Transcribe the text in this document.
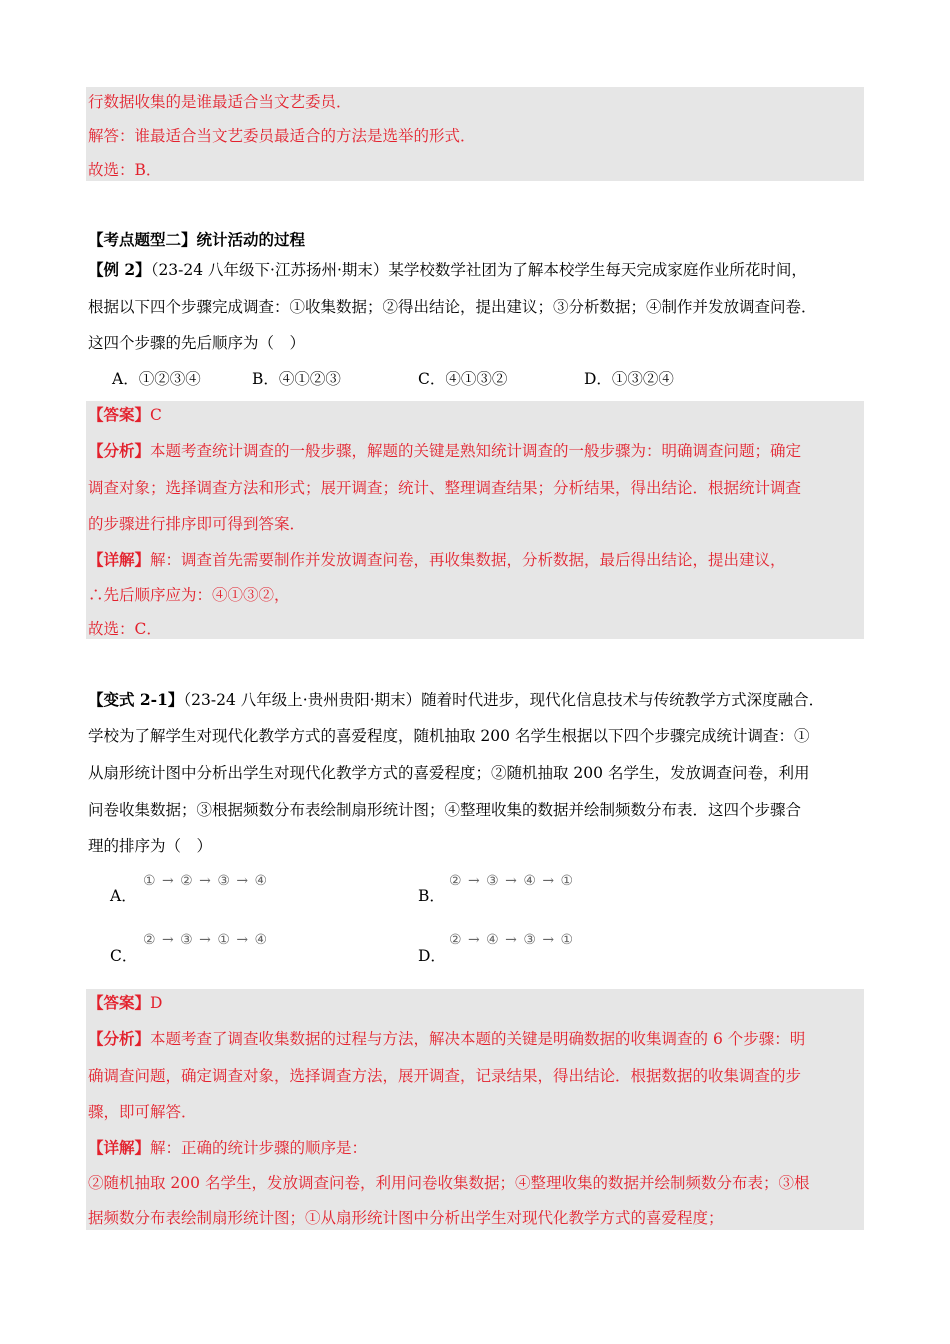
行数据收集的是谁最适合当文艺委员．
解答：谁最适合当文艺委员最适合的方法是选举的形式．
故选：B．
【考点题型二】统计活动的过程
【例 2】（23-24 八年级下·江苏扬州·期末）某学校数学社团为了解本校学生每天完成家庭作业所花时间，
根据以下四个步骤完成调查：①收集数据；②得出结论，提出建议；③分析数据；④制作并发放调查问卷．
这四个步骤的先后顺序为（　）
A．①②③④	B．④①②③	C．④①③②	D．①③②④
【答案】C
【分析】本题考查统计调查的一般步骤，解题的关键是熟知统计调查的一般步骤为：明确调查问题；确定
调查对象；选择调查方法和形式；展开调查；统计、整理调查结果；分析结果，得出结论．根据统计调查
的步骤进行排序即可得到答案．
【详解】解：调查首先需要制作并发放调查问卷，再收集数据，分析数据，最后得出结论，提出建议，
∴先后顺序应为：④①③②，
故选：C．
【变式 2-1】（23-24 八年级上·贵州贵阳·期末）随着时代进步，现代化信息技术与传统教学方式深度融合．
学校为了解学生对现代化教学方式的喜爱程度，随机抽取 200 名学生根据以下四个步骤完成统计调查：①
从扇形统计图中分析出学生对现代化教学方式的喜爱程度；②随机抽取 200 名学生，发放调查问卷，利用
问卷收集数据；③根据频数分布表绘制扇形统计图；④整理收集的数据并绘制频数分布表．这四个步骤合
理的排序为（　）
A．
① → ② → ③ → ④
B．
② → ③ → ④ → ①
C．
② → ③ → ① → ④
D．
② → ④ → ③ → ①
【答案】D
【分析】本题考查了调查收集数据的过程与方法，解决本题的关键是明确数据的收集调查的 6 个步骤：明
确调查问题，确定调查对象，选择调查方法，展开调查，记录结果，得出结论．根据数据的收集调查的步
骤，即可解答．
【详解】解：正确的统计步骤的顺序是：
②随机抽取 200 名学生，发放调查问卷，利用问卷收集数据；④整理收集的数据并绘制频数分布表；③根
据频数分布表绘制扇形统计图；①从扇形统计图中分析出学生对现代化教学方式的喜爱程度；
